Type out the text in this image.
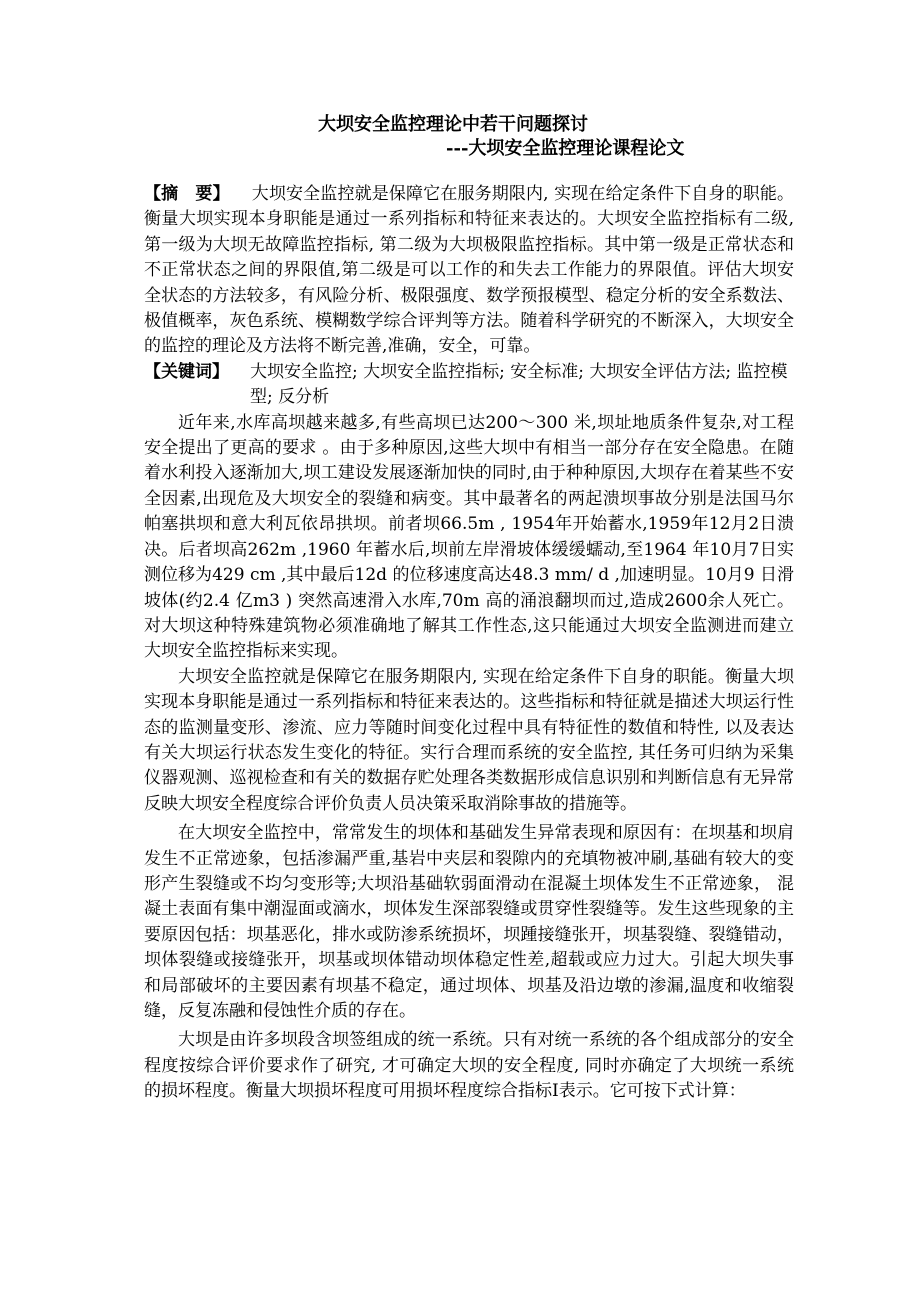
大坝安全监控理论中若干问题探讨
---大坝安全监控理论课程论文

【摘　要】 大坝安全监控就是保障它在服务期限内, 实现在给定条件下自身的职能。衡量大坝实现本身职能是通过一系列指标和特征来表达的。大坝安全监控指标有二级,第一级为大坝无故障监控指标, 第二级为大坝极限监控指标。其中第一级是正常状态和不正常状态之间的界限值,第二级是可以工作的和失去工作能力的界限值。评估大坝安全状态的方法较多，有风险分析、极限强度、数学预报模型、稳定分析的安全系数法、极值概率，灰色系统、模糊数学综合评判等方法。随着科学研究的不断深入，大坝安全的监控的理论及方法将不断完善,准确，安全，可靠。

【关键词】	大坝安全监控; 大坝安全监控指标; 安全标准; 大坝安全评估方法; 监控模型; 反分析

近年来,水库高坝越来越多,有些高坝已达200～300 米,坝址地质条件复杂,对工程安全提出了更高的要求 。由于多种原因,这些大坝中有相当一部分存在安全隐患。在随着水利投入逐渐加大,坝工建设发展逐渐加快的同时,由于种种原因,大坝存在着某些不安全因素,出现危及大坝安全的裂缝和病变。其中最著名的两起溃坝事故分别是法国马尔帕塞拱坝和意大利瓦依昂拱坝。前者坝66.5m , 1954年开始蓄水,1959年12月2日溃决。后者坝高262m ,1960 年蓄水后,坝前左岸滑坡体缓缓蠕动,至1964 年10月7日实测位移为429 cm ,其中最后12d 的位移速度高达48.3 mm/ d ,加速明显。10月9 日滑坡体(约2.4 亿m3 ) 突然高速滑入水库,70m 高的涌浪翻坝而过,造成2600余人死亡。对大坝这种特殊建筑物必须准确地了解其工作性态,这只能通过大坝安全监测进而建立大坝安全监控指标来实现。

大坝安全监控就是保障它在服务期限内, 实现在给定条件下自身的职能。衡量大坝实现本身职能是通过一系列指标和特征来表达的。这些指标和特征就是描述大坝运行性态的监测量变形、渗流、应力等随时间变化过程中具有特征性的数值和特性, 以及表达有关大坝运行状态发生变化的特征。实行合理而系统的安全监控, 其任务可归纳为采集仪器观测、巡视检查和有关的数据存贮处理各类数据形成信息识别和判断信息有无异常反映大坝安全程度综合评价负责人员决策采取消除事故的措施等。

在大坝安全监控中，常常发生的坝体和基础发生异常表现和原因有：在坝基和坝肩发生不正常迹象，包括渗漏严重,基岩中夹层和裂隙内的充填物被冲刷,基础有较大的变形产生裂缝或不均匀变形等;大坝沿基础软弱面滑动在混凝土坝体发生不正常迹象， 混凝土表面有集中潮湿面或滴水，坝体发生深部裂缝或贯穿性裂缝等。发生这些现象的主要原因包括：坝基恶化，排水或防渗系统损坏，坝踵接缝张开，坝基裂缝、裂缝错动，坝体裂缝或接缝张开，坝基或坝体错动坝体稳定性差,超载或应力过大。引起大坝失事和局部破坏的主要因素有坝基不稳定，通过坝体、坝基及沿边墩的渗漏,温度和收缩裂缝，反复冻融和侵蚀性介质的存在。

大坝是由许多坝段含坝签组成的统一系统。只有对统一系统的各个组成部分的安全程度按综合评价要求作了研究, 才可确定大坝的安全程度, 同时亦确定了大坝统一系统的损坏程度。衡量大坝损坏程度可用损坏程度综合指标I表示。它可按下式计算：
